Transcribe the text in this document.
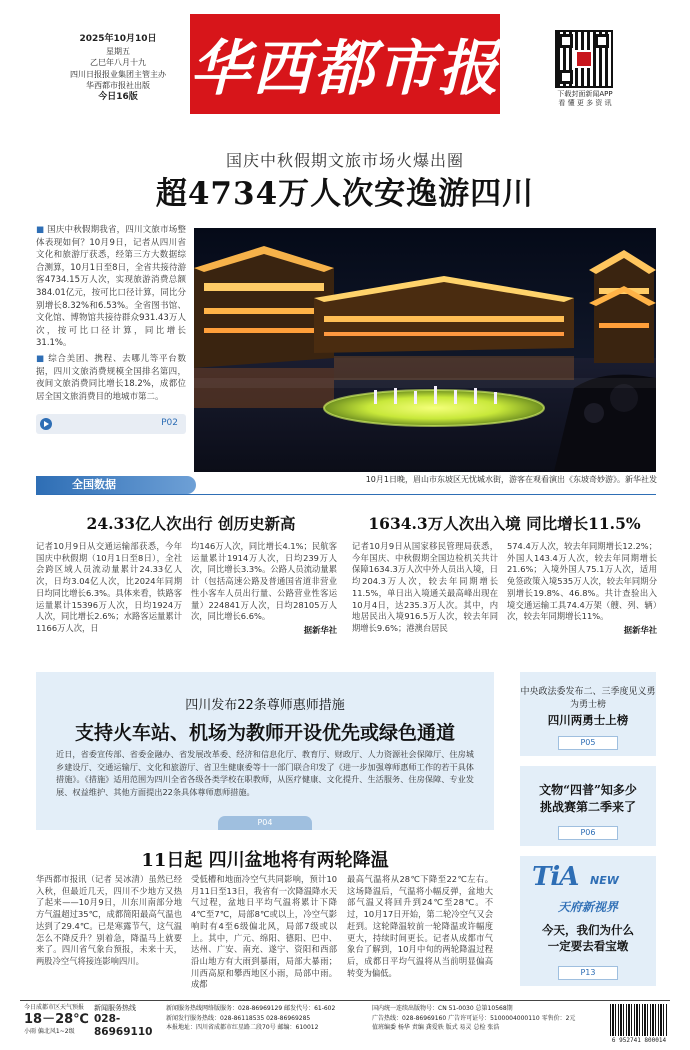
2025年10月10日
星期五
乙巳年八月十九
四川日报报业集团主管主办
华西都市报社出版
今日16版 华西都市报	下载封面新闻APP
看 懂 更 多 资 讯
国庆中秋假期文旅市场火爆出圈
超4734万人次安逸游四川

■ 国庆中秋假期我省，四川文旅市场整体表现如何？10月9日，记者从四川省文化和旅游厅获悉，经第三方大数据综合测算，10月1日至8日，全省共接待游客4734.15万人次，实现旅游消费总额384.01亿元，按可比口径计算，同比分别增长8.32%和6.53%。全省图书馆、文化馆、博物馆共接待群众931.43万人次，按可比口径计算，同比增长31.1%。

■ 综合美团、携程、去哪儿等平台数据，四川文旅消费规模全国排名第四，夜间文旅消费同比增长18.2%，成都位居全国文旅消费目的地城市第二。

P02
10月1日晚，眉山市东坡区无忧城水街，游客在观看演出《东坡奇妙游》。新华社发
全国数据
24.33亿人次出行 创历史新高
记者10月9日从交通运输部获悉，今年国庆中秋假期（10月1日至8日），全社会跨区域人员流动量累计24.33亿人次，日均3.04亿人次，比2024年同期日均同比增长6.3%。具体来看，铁路客运量累计15396万人次，日均1924万人次，同比增长2.6%；水路客运量累计1166万人次，日
均146万人次，同比增长4.1%；民航客运量累计1914万人次，日均239万人次，同比增长3.3%。公路人员流动量累计（包括高速公路及普通国省道非营业性小客车人员出行量、公路营业性客运量）224841万人次，日均28105万人次，同比增长6.6%。
据新华社
1634.3万人次出入境 同比增长11.5%
记者10月9日从国家移民管理局获悉，今年国庆、中秋假期全国边检机关共计保障1634.3万人次中外人员出入境，日均204.3万人次，较去年同期增长11.5%，单日出入境通关最高峰出现在10月4日，达235.3万人次。其中，内地居民出入境916.5万人次，较去年同期增长9.6%；港澳台居民
574.4万人次，较去年同期增长12.2%；外国人143.4万人次，较去年同期增长21.6%；入境外国人75.1万人次，适用免签政策入境535万人次，较去年同期分别增长19.8%、46.8%。共计查验出入境交通运输工具74.4万架（艘、列、辆）次，较去年同期增长11%。
据新华社
四川发布22条尊师惠师措施
支持火车站、机场为教师开设优先或绿色通道
近日，省委宣传部、省委金融办、省发展改革委、经济和信息化厅、教育厅、财政厅、人力资源社会保障厅、住房城乡建设厅、交通运输厅、文化和旅游厅、省卫生健康委等十一部门联合印发了《进一步加强尊师惠师工作的若干具体措施》。《措施》适用范围为四川全省各级各类学校在职教师，从医疗健康、文化提升、生活服务、住房保障、专业发展、权益维护、其他方面提出22条具体尊师惠师措施。
P04
中央政法委发布二、三季度见义勇为勇士榜
四川两勇士上榜
P05
文物“四普”知多少
挑战赛第二季来了
P06
TiA NEW
天府新视界
今天，我们为什么
一定要去看宝墩
P13
11日起 四川盆地将有两轮降温
华西都市报讯（记者 吴冰清）虽然已经入秋，但最近几天，四川不少地方又热了起来——10月9日，川东川南部分地方气温超过35℃，成都简阳最高气温也达到了29.4℃。已是寒露节气，这气温怎么不降反升？别着急，降温马上就要来了。四川省气象台预报，未来十天，两股冷空气将接连影响四川。
受低槽和地面冷空气共同影响，预计10月11日至13日，我省有一次降温降水天气过程，盆地日平均气温将累计下降4℃至7℃，局部8℃或以上，冷空气影响时有4至6级偏北风，局部7级或以上。其中，广元、绵阳、德阳、巴中、达州、广安、南充、遂宁、资阳和西部沿山地方有大雨到暴雨，局部大暴雨；川西高原和攀西地区小雨，局部中雨。成都
最高气温将从28℃下降至22℃左右。这场降温后，气温将小幅反弹，盆地大部气温又将回升到24℃至28℃。不过，10月17日开始，第二轮冷空气又会赶到。这轮降温较前一轮降温或许幅度更大，持续时间更长。记者从成都市气象台了解到，10月中旬的两轮降温过程后，成都日平均气温将从当前明显偏高转变为偏低。
今日成都市区天气预报
18－28℃
小雨 偏北风1~2级
新闻服务热线
028-86969110
新闻服务热线网络版服务：028-86969129 邮发代号：61-602
新闻发行服务热线：028-86118535 028-86969285
本报地址：四川省成都市红星路二段70号 邮编：610012
国内统一连续出版物号：CN 51-0030 总第10568期
广告热线：028-86969160 广告许可证号：5100004000110 零售价：2元
值班编委 杨华 责编 龚爱轶 版式 易灵 总检 张浩
6 952741 800014
